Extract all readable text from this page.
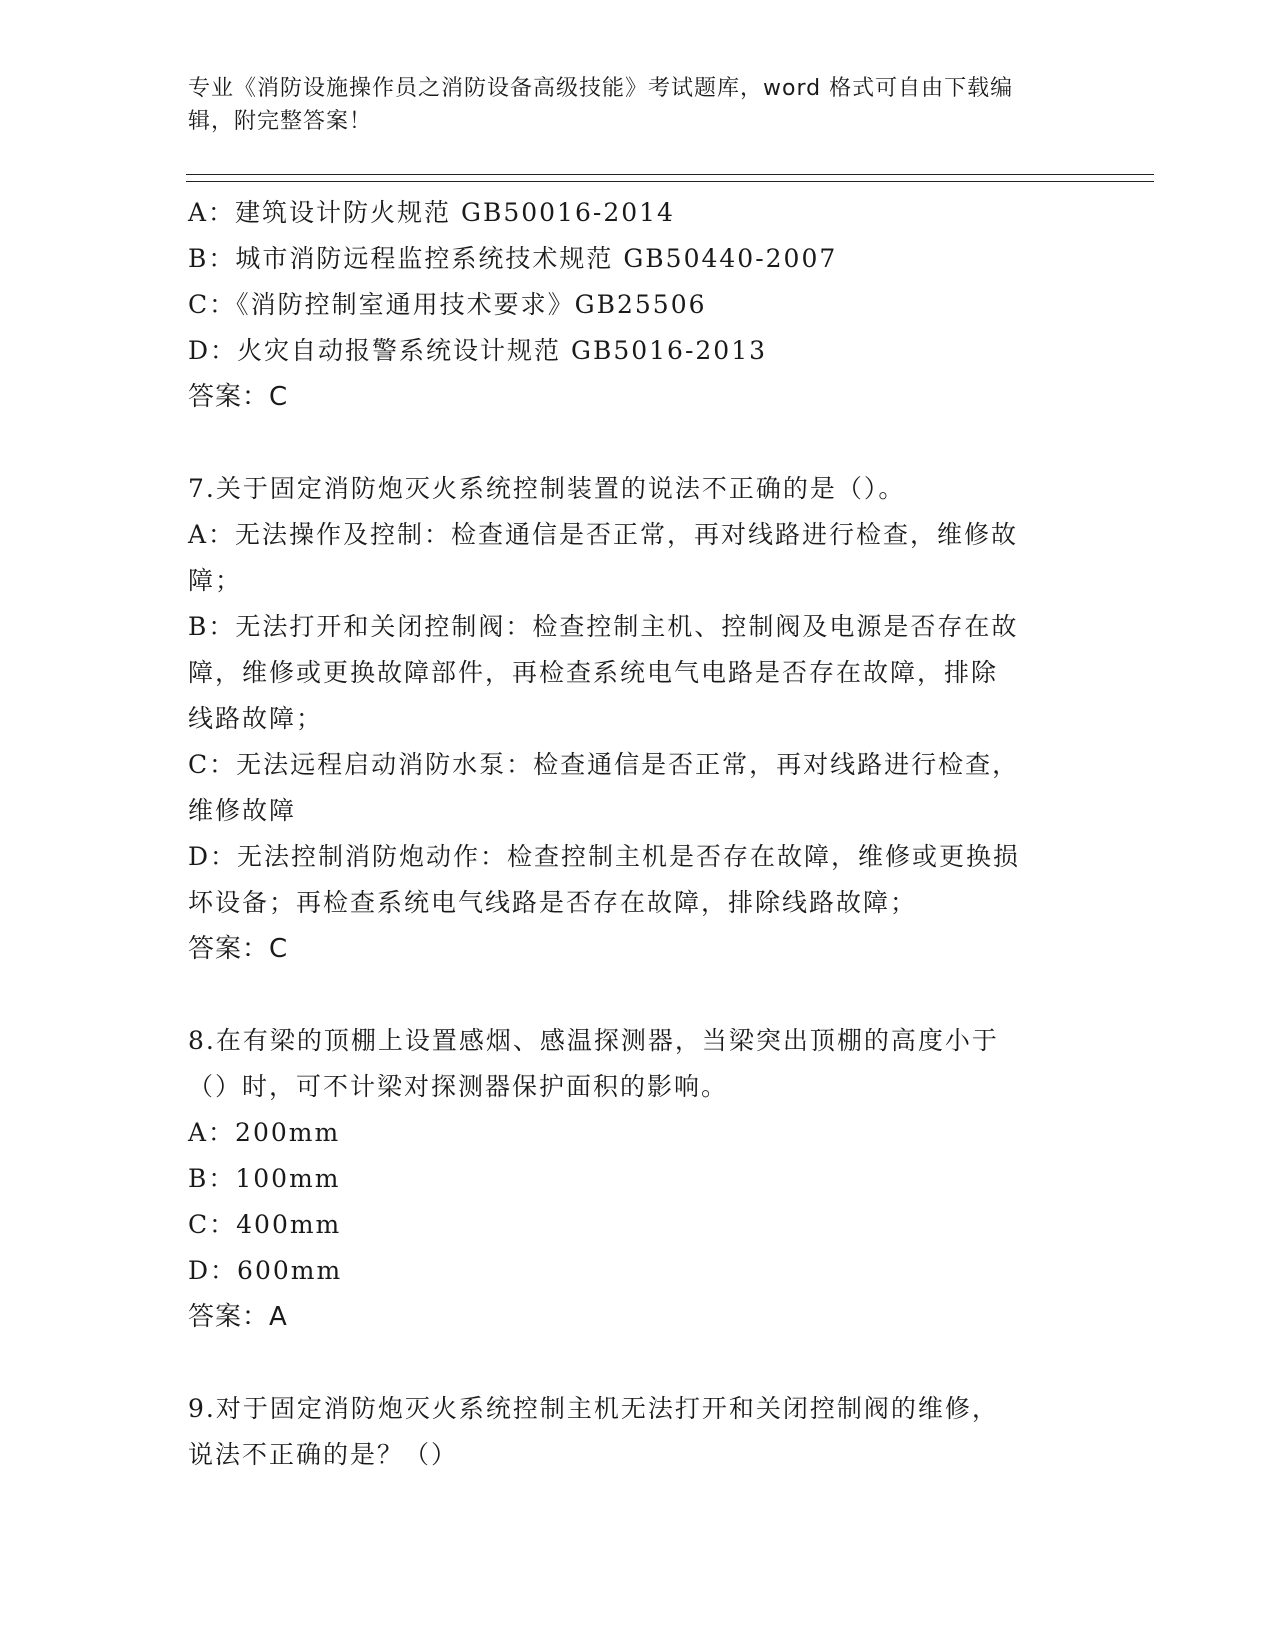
专业《消防设施操作员之消防设备高级技能》考试题库，word 格式可自由下载编
辑，附完整答案！
A：建筑设计防火规范 GB50016-2014
B：城市消防远程监控系统技术规范 GB50440-2007
C：《消防控制室通用技术要求》GB25506
D：火灾自动报警系统设计规范 GB5016-2013
答案：C
7.关于固定消防炮灭火系统控制装置的说法不正确的是（）。
A：无法操作及控制：检查通信是否正常，再对线路进行检查，维修故
障；
B：无法打开和关闭控制阀：检查控制主机、控制阀及电源是否存在故
障，维修或更换故障部件，再检查系统电气电路是否存在故障，排除
线路故障；
C：无法远程启动消防水泵：检查通信是否正常，再对线路进行检查，
维修故障
D：无法控制消防炮动作：检查控制主机是否存在故障，维修或更换损
坏设备；再检查系统电气线路是否存在故障，排除线路故障；
答案：C
8.在有梁的顶棚上设置感烟、感温探测器，当梁突出顶棚的高度小于
（）时，可不计梁对探测器保护面积的影响。
A：200mm
B：100mm
C：400mm
D：600mm
答案：A
9.对于固定消防炮灭火系统控制主机无法打开和关闭控制阀的维修，
说法不正确的是？（）
